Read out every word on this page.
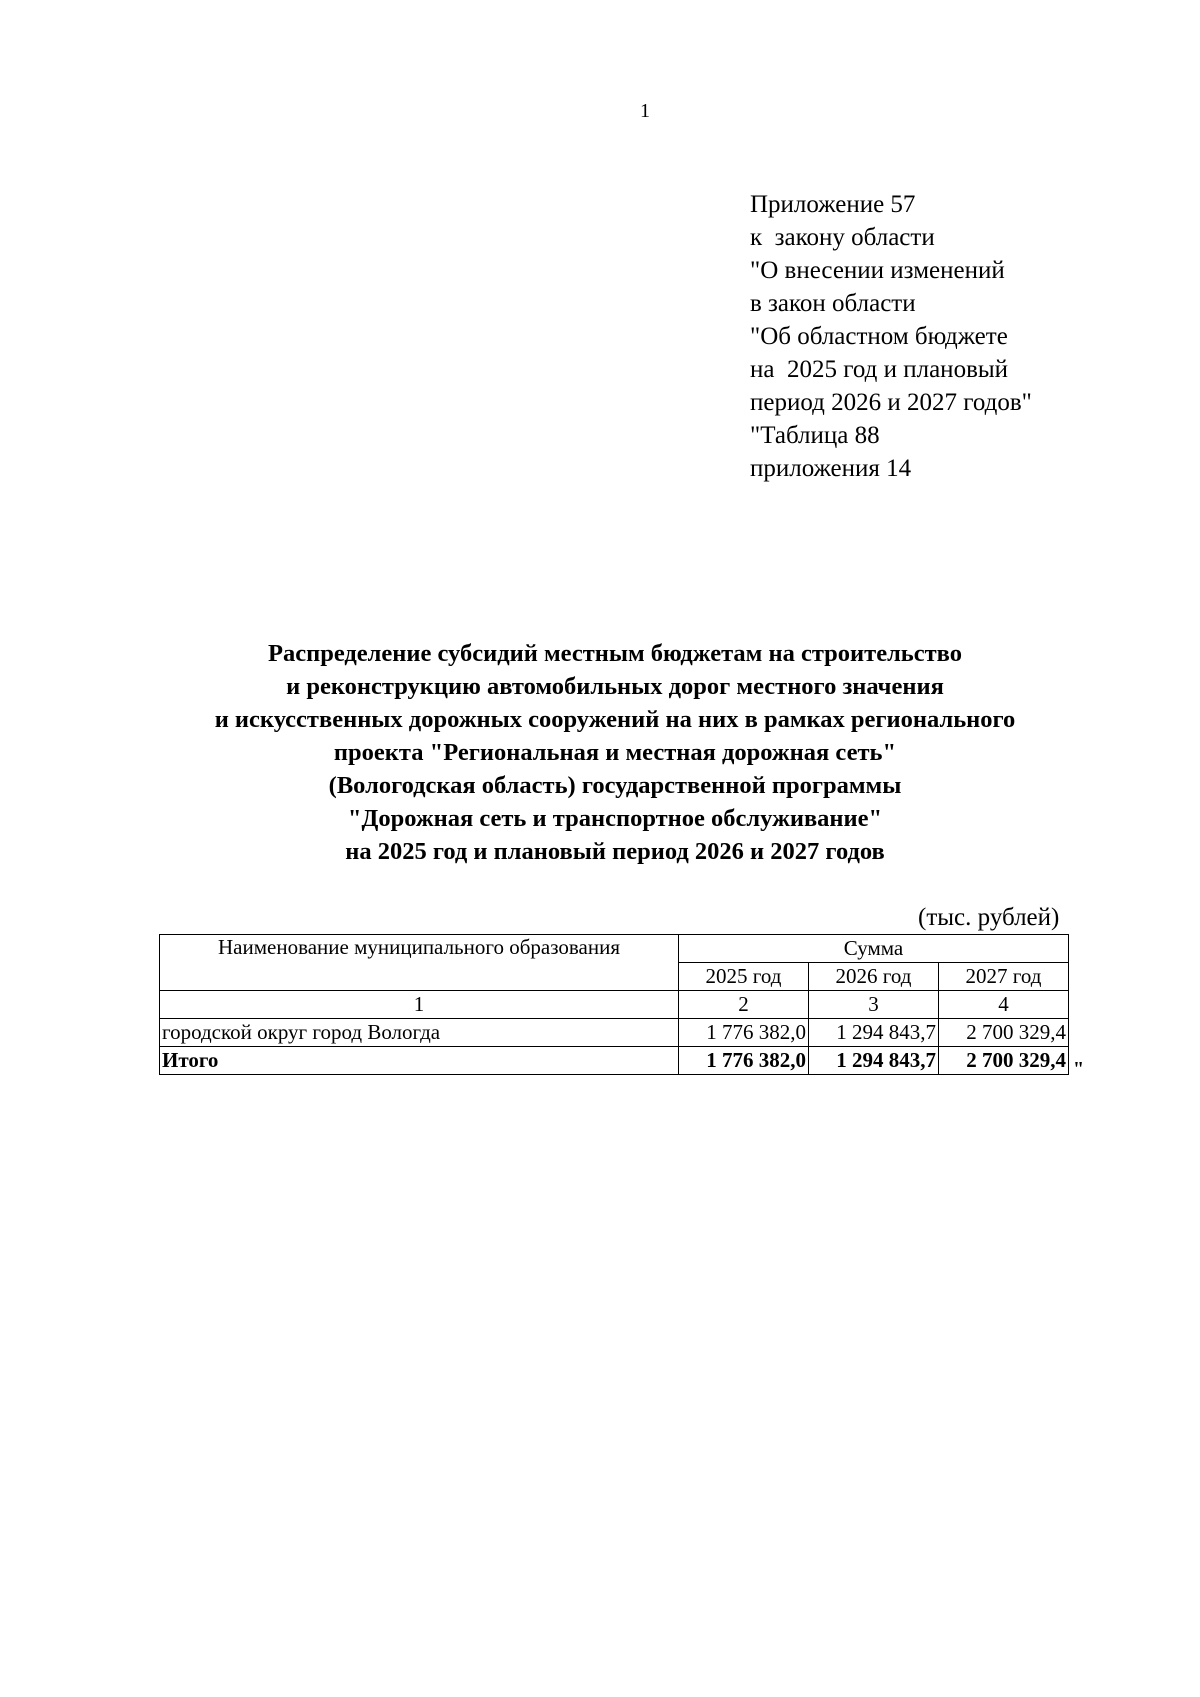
1
Приложение 57
к  закону области
"О внесении изменений
в закон области
"Об областном бюджете
на  2025 год и плановый
период 2026 и 2027 годов"
"Таблица 88
приложения 14
Распределение субсидий местным бюджетам на строительство
и реконструкцию автомобильных дорог местного значения
и искусственных дорожных сооружений на них в рамках регионального
проекта "Региональная и местная дорожная сеть"
(Вологодская область) государственной программы
"Дорожная сеть и транспортное обслуживание"
на 2025 год и плановый период 2026 и 2027 годов
(тыс. рублей)
Наименование муниципального образования	Сумма		
	2025 год	2026 год	2027 год
1	2	3	4
городской округ город Вологда	1 776 382,0	1 294 843,7	2 700 329,4
Итого	1 776 382,0	1 294 843,7	2 700 329,4 "
